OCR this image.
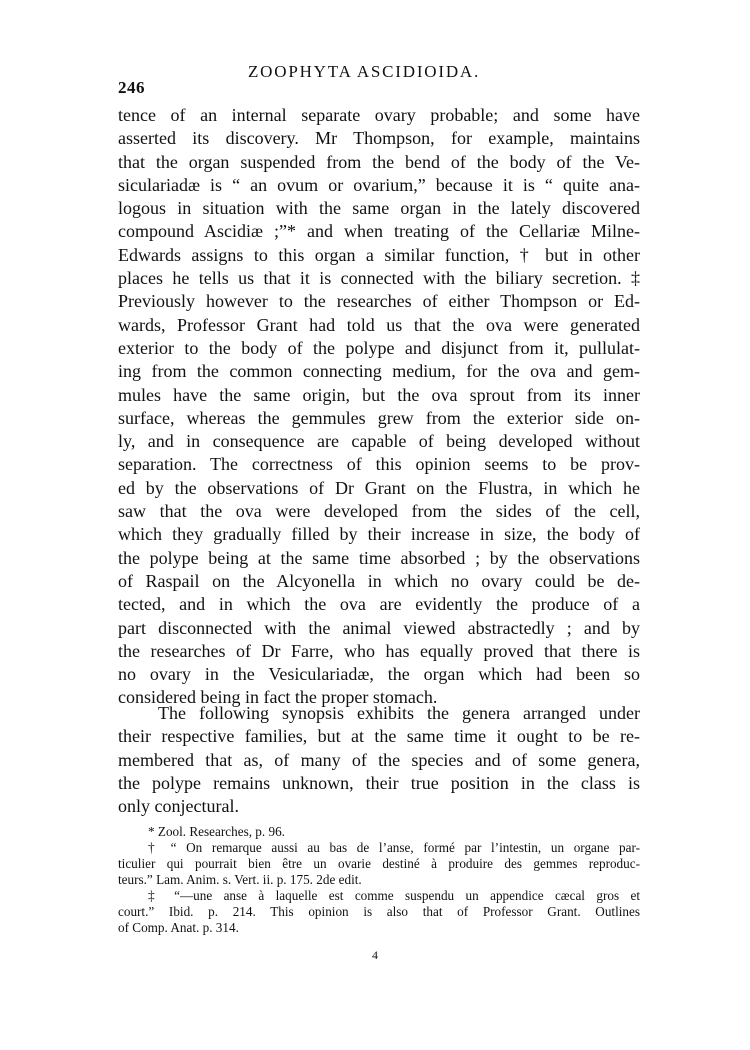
246
ZOOPHYTA ASCIDIOIDA.
tence of an internal separate ovary probable; and some have
asserted its discovery. Mr Thompson, for example, maintains
that the organ suspended from the bend of the body of the Ve-
siculariadæ is “ an ovum or ovarium,” because it is “ quite ana-
logous in situation with the same organ in the lately discovered
compound Ascidiæ ;”* and when treating of the Cellariæ Milne-
Edwards assigns to this organ a similar function, † but in other
places he tells us that it is connected with the biliary secretion. ‡
Previously however to the researches of either Thompson or Ed-
wards, Professor Grant had told us that the ova were generated
exterior to the body of the polype and disjunct from it, pullulat-
ing from the common connecting medium, for the ova and gem-
mules have the same origin, but the ova sprout from its inner
surface, whereas the gemmules grew from the exterior side on-
ly, and in consequence are capable of being developed without
separation. The correctness of this opinion seems to be prov-
ed by the observations of Dr Grant on the Flustra, in which he
saw that the ova were developed from the sides of the cell,
which they gradually filled by their increase in size, the body of
the polype being at the same time absorbed ; by the observations
of Raspail on the Alcyonella in which no ovary could be de-
tected, and in which the ova are evidently the produce of a
part disconnected with the animal viewed abstractedly ; and by
the researches of Dr Farre, who has equally proved that there is
no ovary in the Vesiculariadæ, the organ which had been so
considered being in fact the proper stomach.
The following synopsis exhibits the genera arranged under
their respective families, but at the same time it ought to be re-
membered that as, of many of the species and of some genera,
the polype remains unknown, their true position in the class is
only conjectural.
* Zool. Researches, p. 96.
† “ On remarque aussi au bas de l’anse, formé par l’intestin, un organe par-
ticulier qui pourrait bien être un ovarie destiné à produire des gemmes reproduc-
teurs.” Lam. Anim. s. Vert. ii. p. 175. 2de edit.
‡ “—une anse à laquelle est comme suspendu un appendice cæcal gros et
court.” Ibid. p. 214. This opinion is also that of Professor Grant. Outlines
of Comp. Anat. p. 314.
4
